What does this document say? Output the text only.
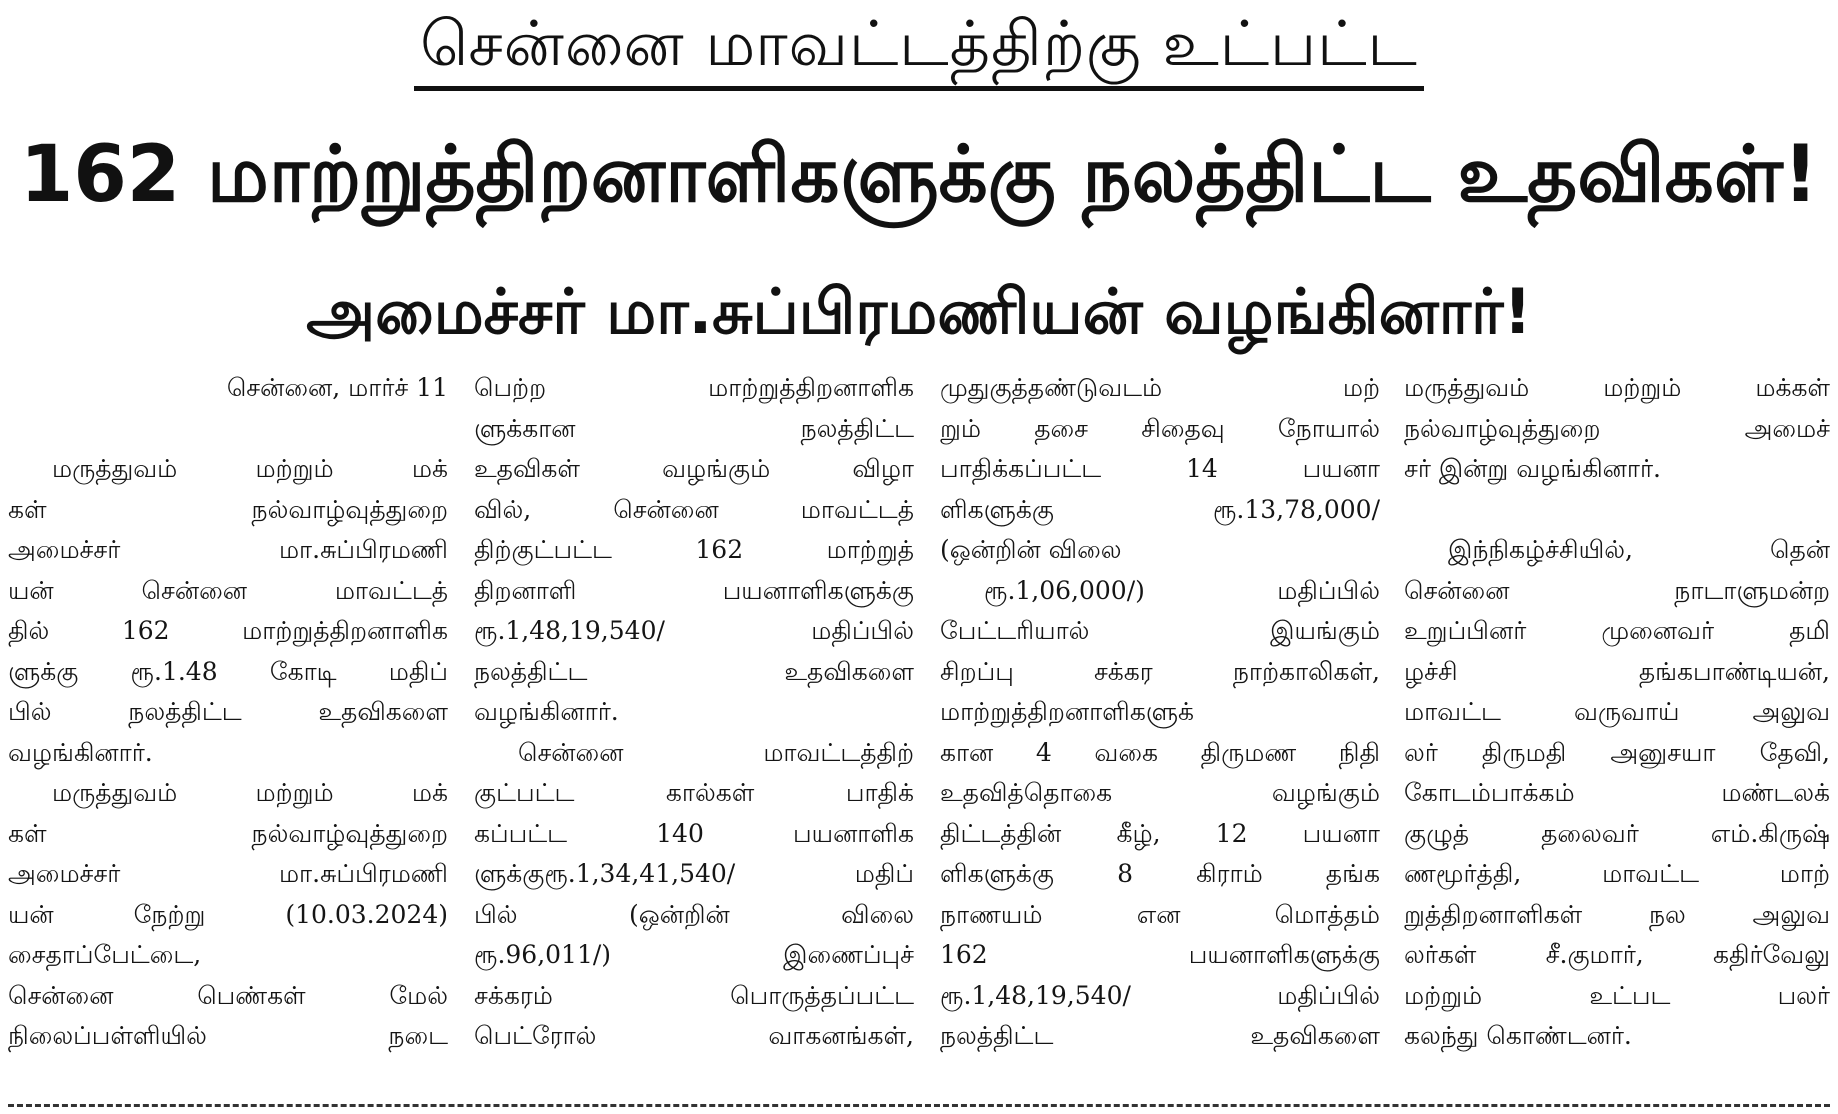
சென்னை மாவட்டத்திற்கு உட்பட்ட
162 மாற்றுத்திறனாளிகளுக்கு நலத்திட்ட உதவிகள்!
அமைச்சர் மா.சுப்பிரமணியன் வழங்கினார்!
சென்னை, மார்ச் 11
மருத்துவம் மற்றும் மக்
கள் நல்வாழ்வுத்துறை
அமைச்சர் மா.சுப்பிரமணி
யன் சென்னை மாவட்டத்
தில் 162 மாற்றுத்திறனாளிக
ளுக்கு ரூ.1.48 கோடி மதிப்
பில் நலத்திட்ட உதவிகளை
வழங்கினார்.
மருத்துவம் மற்றும் மக்
கள் நல்வாழ்வுத்துறை
அமைச்சர் மா.சுப்பிரமணி
யன் நேற்று (10.03.2024)
சைதாப்பேட்டை,
சென்னை பெண்கள் மேல்
நிலைப்பள்ளியில் நடை
பெற்ற மாற்றுத்திறனாளிக
ளுக்கான நலத்திட்ட
உதவிகள் வழங்கும் விழா
வில், சென்னை மாவட்டத்
திற்குட்பட்ட 162 மாற்றுத்
திறனாளி பயனாளிகளுக்கு
ரூ.1,48,19,540/ மதிப்பில்
நலத்திட்ட உதவிகளை
வழங்கினார்.
சென்னை மாவட்டத்திற்
குட்பட்ட கால்கள் பாதிக்
கப்பட்ட 140 பயனாளிக
ளுக்குரூ.1,34,41,540/ மதிப்
பில் (ஒன்றின் விலை
ரூ.96,011/) இணைப்புச்
சக்கரம் பொருத்தப்பட்ட
பெட்ரோல் வாகனங்கள்,
முதுகுத்தண்டுவடம் மற்
றும் தசை சிதைவு நோயால்
பாதிக்கப்பட்ட 14 பயனா
ளிகளுக்கு ரூ.13,78,000/
(ஒன்றின் விலை
ரூ.1,06,000/) மதிப்பில்
பேட்டரியால் இயங்கும்
சிறப்பு சக்கர நாற்காலிகள்,
மாற்றுத்திறனாளிகளுக்
கான 4 வகை திருமண நிதி
உதவித்தொகை வழங்கும்
திட்டத்தின் கீழ், 12 பயனா
ளிகளுக்கு 8 கிராம் தங்க
நாணயம் என மொத்தம்
162 பயனாளிகளுக்கு
ரூ.1,48,19,540/ மதிப்பில்
நலத்திட்ட உதவிகளை
மருத்துவம் மற்றும் மக்கள்
நல்வாழ்வுத்துறை அமைச்
சர் இன்று வழங்கினார்.
இந்நிகழ்ச்சியில், தென்
சென்னை நாடாளுமன்ற
உறுப்பினர் முனைவர் தமி
ழச்சி தங்கபாண்டியன்,
மாவட்ட வருவாய் அலுவ
லர் திருமதி அனுசயா தேவி,
கோடம்பாக்கம் மண்டலக்
குழுத் தலைவர் எம்.கிருஷ்
ணமூர்த்தி, மாவட்ட மாற்
றுத்திறனாளிகள் நல அலுவ
லர்கள் சீ.குமார், கதிர்வேலு
மற்றும் உட்பட பலர்
கலந்து கொண்டனர்.
